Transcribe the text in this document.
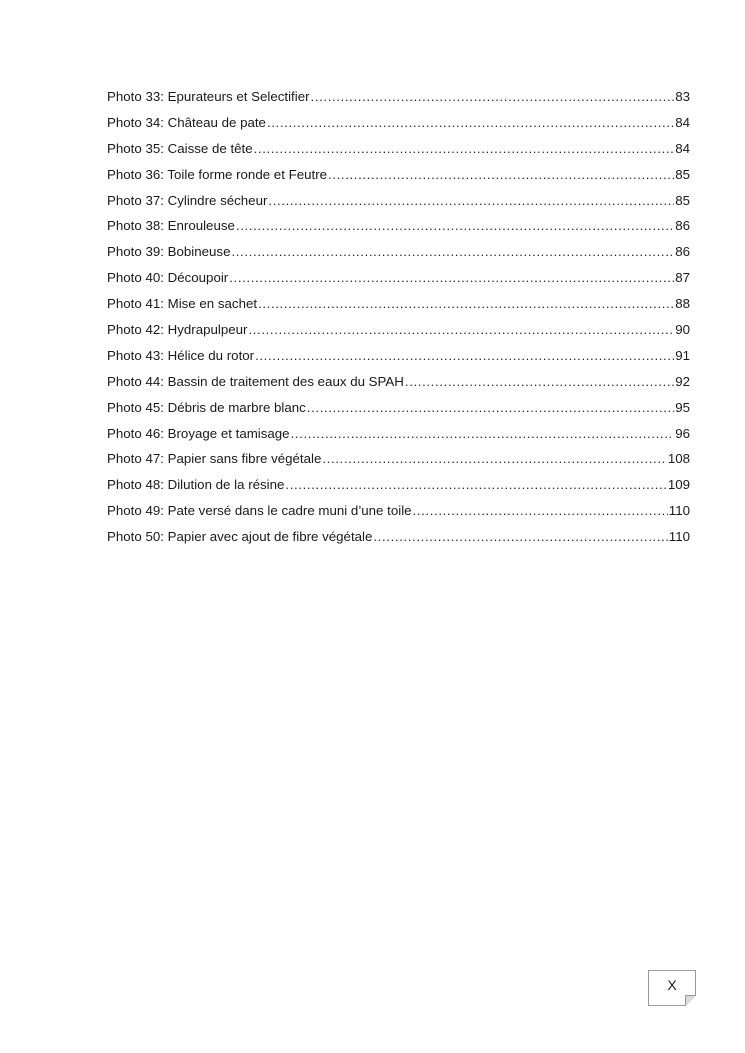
Photo 33: Epurateurs et Selectifier .....	83
Photo 34: Château de pate .....	84
Photo 35: Caisse de tête .....	84
Photo 36: Toile forme ronde et Feutre .....	85
Photo 37: Cylindre sécheur .....	85
Photo 38: Enrouleuse .....	86
Photo 39: Bobineuse .....	86
Photo 40: Découpoir .....	87
Photo 41: Mise en sachet .....	88
Photo 42: Hydrapulpeur .....	90
Photo 43: Hélice du rotor .....	91
Photo 44: Bassin de traitement des eaux du SPAH .....	92
Photo 45: Débris de marbre blanc .....	95
Photo 46: Broyage et tamisage .....	96
Photo 47: Papier sans fibre végétale .....	108
Photo 48: Dilution de la résine .....	109
Photo 49: Pate versé dans le cadre muni d’une toile .....	110
Photo 50: Papier avec ajout de fibre végétale .....	110
X
